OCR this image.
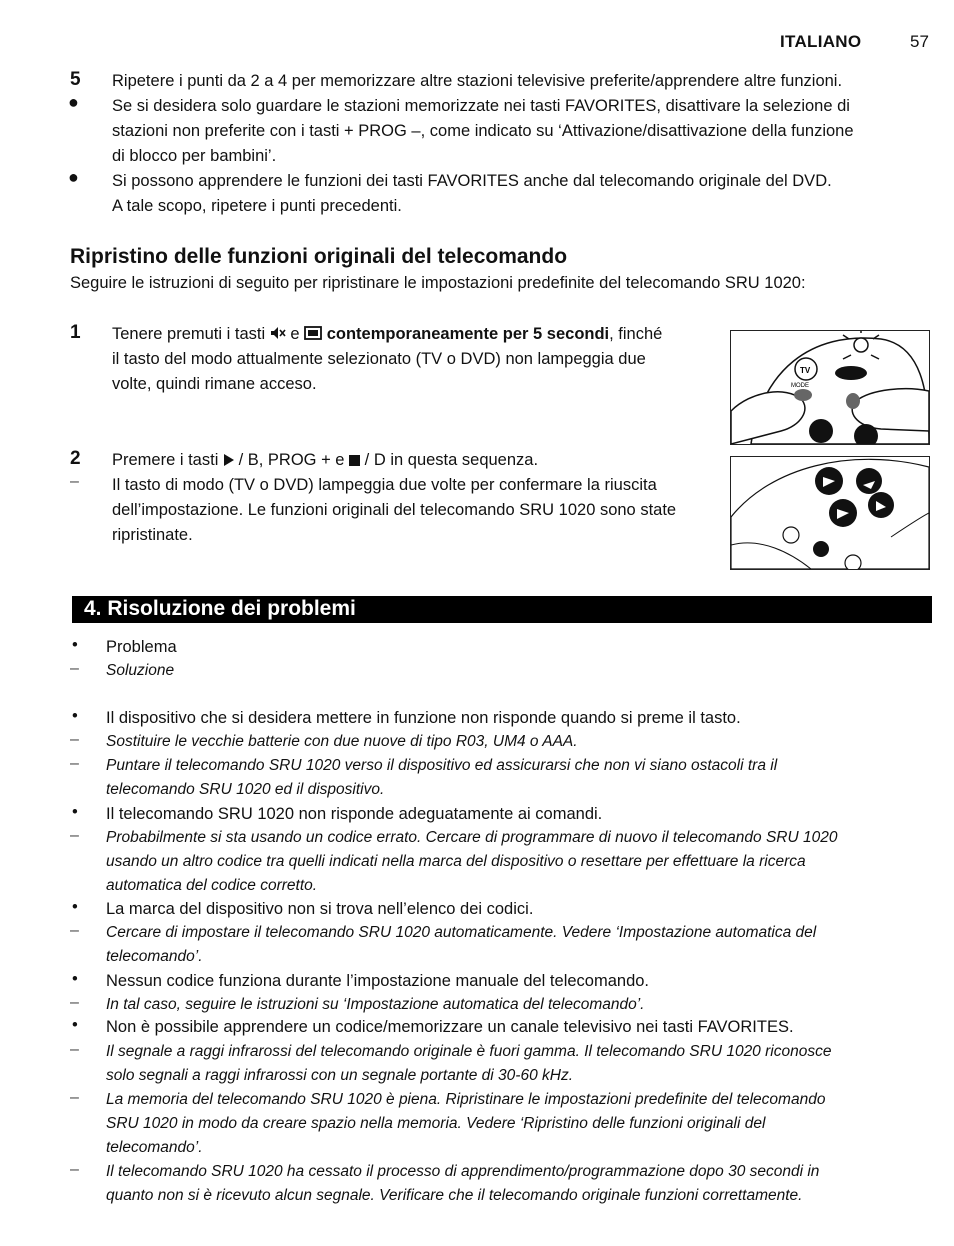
ITALIANO	57
5 Ripetere i punti da 2 a 4 per memorizzare altre stazioni televisive preferite/apprendere altre funzioni.
● Se si desidera solo guardare le stazioni memorizzate nei tasti FAVORITES, disattivare la selezione di
stazioni non preferite con i tasti + PROG –, come indicato su ‘Attivazione/disattivazione della funzione
di blocco per bambini’.
● Si possono apprendere le funzioni dei tasti FAVORITES anche dal telecomando originale del DVD.
A tale scopo, ripetere i punti precedenti.
Ripristino delle funzioni originali del telecomando
Seguire le istruzioni di seguito per ripristinare le impostazioni predefinite del telecomando SRU 1020:
1 Tenere premuti i tasti e contemporaneamente per 5 secondi, finché
il tasto del modo attualmente selezionato (TV o DVD) non lampeggia due
volte, quindi rimane acceso.
2 Premere i tasti / B, PROG + e / D in questa sequenza.
– Il tasto di modo (TV o DVD) lampeggia due volte per confermare la riuscita
dell’impostazione. Le funzioni originali del telecomando SRU 1020 sono state
ripristinate.
TV
MODE
4. Risoluzione dei problemi
• Problema
– Soluzione
• Il dispositivo che si desidera mettere in funzione non risponde quando si preme il tasto.
– Sostituire le vecchie batterie con due nuove di tipo R03, UM4 o AAA.
– Puntare il telecomando SRU 1020 verso il dispositivo ed assicurarsi che non vi siano ostacoli tra il
telecomando SRU 1020 ed il dispositivo.
• Il telecomando SRU 1020 non risponde adeguatamente ai comandi.
– Probabilmente si sta usando un codice errato. Cercare di programmare di nuovo il telecomando SRU 1020
usando un altro codice tra quelli indicati nella marca del dispositivo o resettare per effettuare la ricerca
automatica del codice corretto.
• La marca del dispositivo non si trova nell’elenco dei codici.
– Cercare di impostare il telecomando SRU 1020 automaticamente. Vedere ‘Impostazione automatica del
telecomando’.
• Nessun codice funziona durante l’impostazione manuale del telecomando.
– In tal caso, seguire le istruzioni su ‘Impostazione automatica del telecomando’.
• Non è possibile apprendere un codice/memorizzare un canale televisivo nei tasti FAVORITES.
– Il segnale a raggi infrarossi del telecomando originale è fuori gamma. Il telecomando SRU 1020 riconosce
solo segnali a raggi infrarossi con un segnale portante di 30-60 kHz.
– La memoria del telecomando SRU 1020 è piena. Ripristinare le impostazioni predefinite del telecomando
SRU 1020 in modo da creare spazio nella memoria. Vedere ‘Ripristino delle funzioni originali del
telecomando’.
– Il telecomando SRU 1020 ha cessato il processo di apprendimento/programmazione dopo 30 secondi in
quanto non si è ricevuto alcun segnale. Verificare che il telecomando originale funzioni correttamente.
